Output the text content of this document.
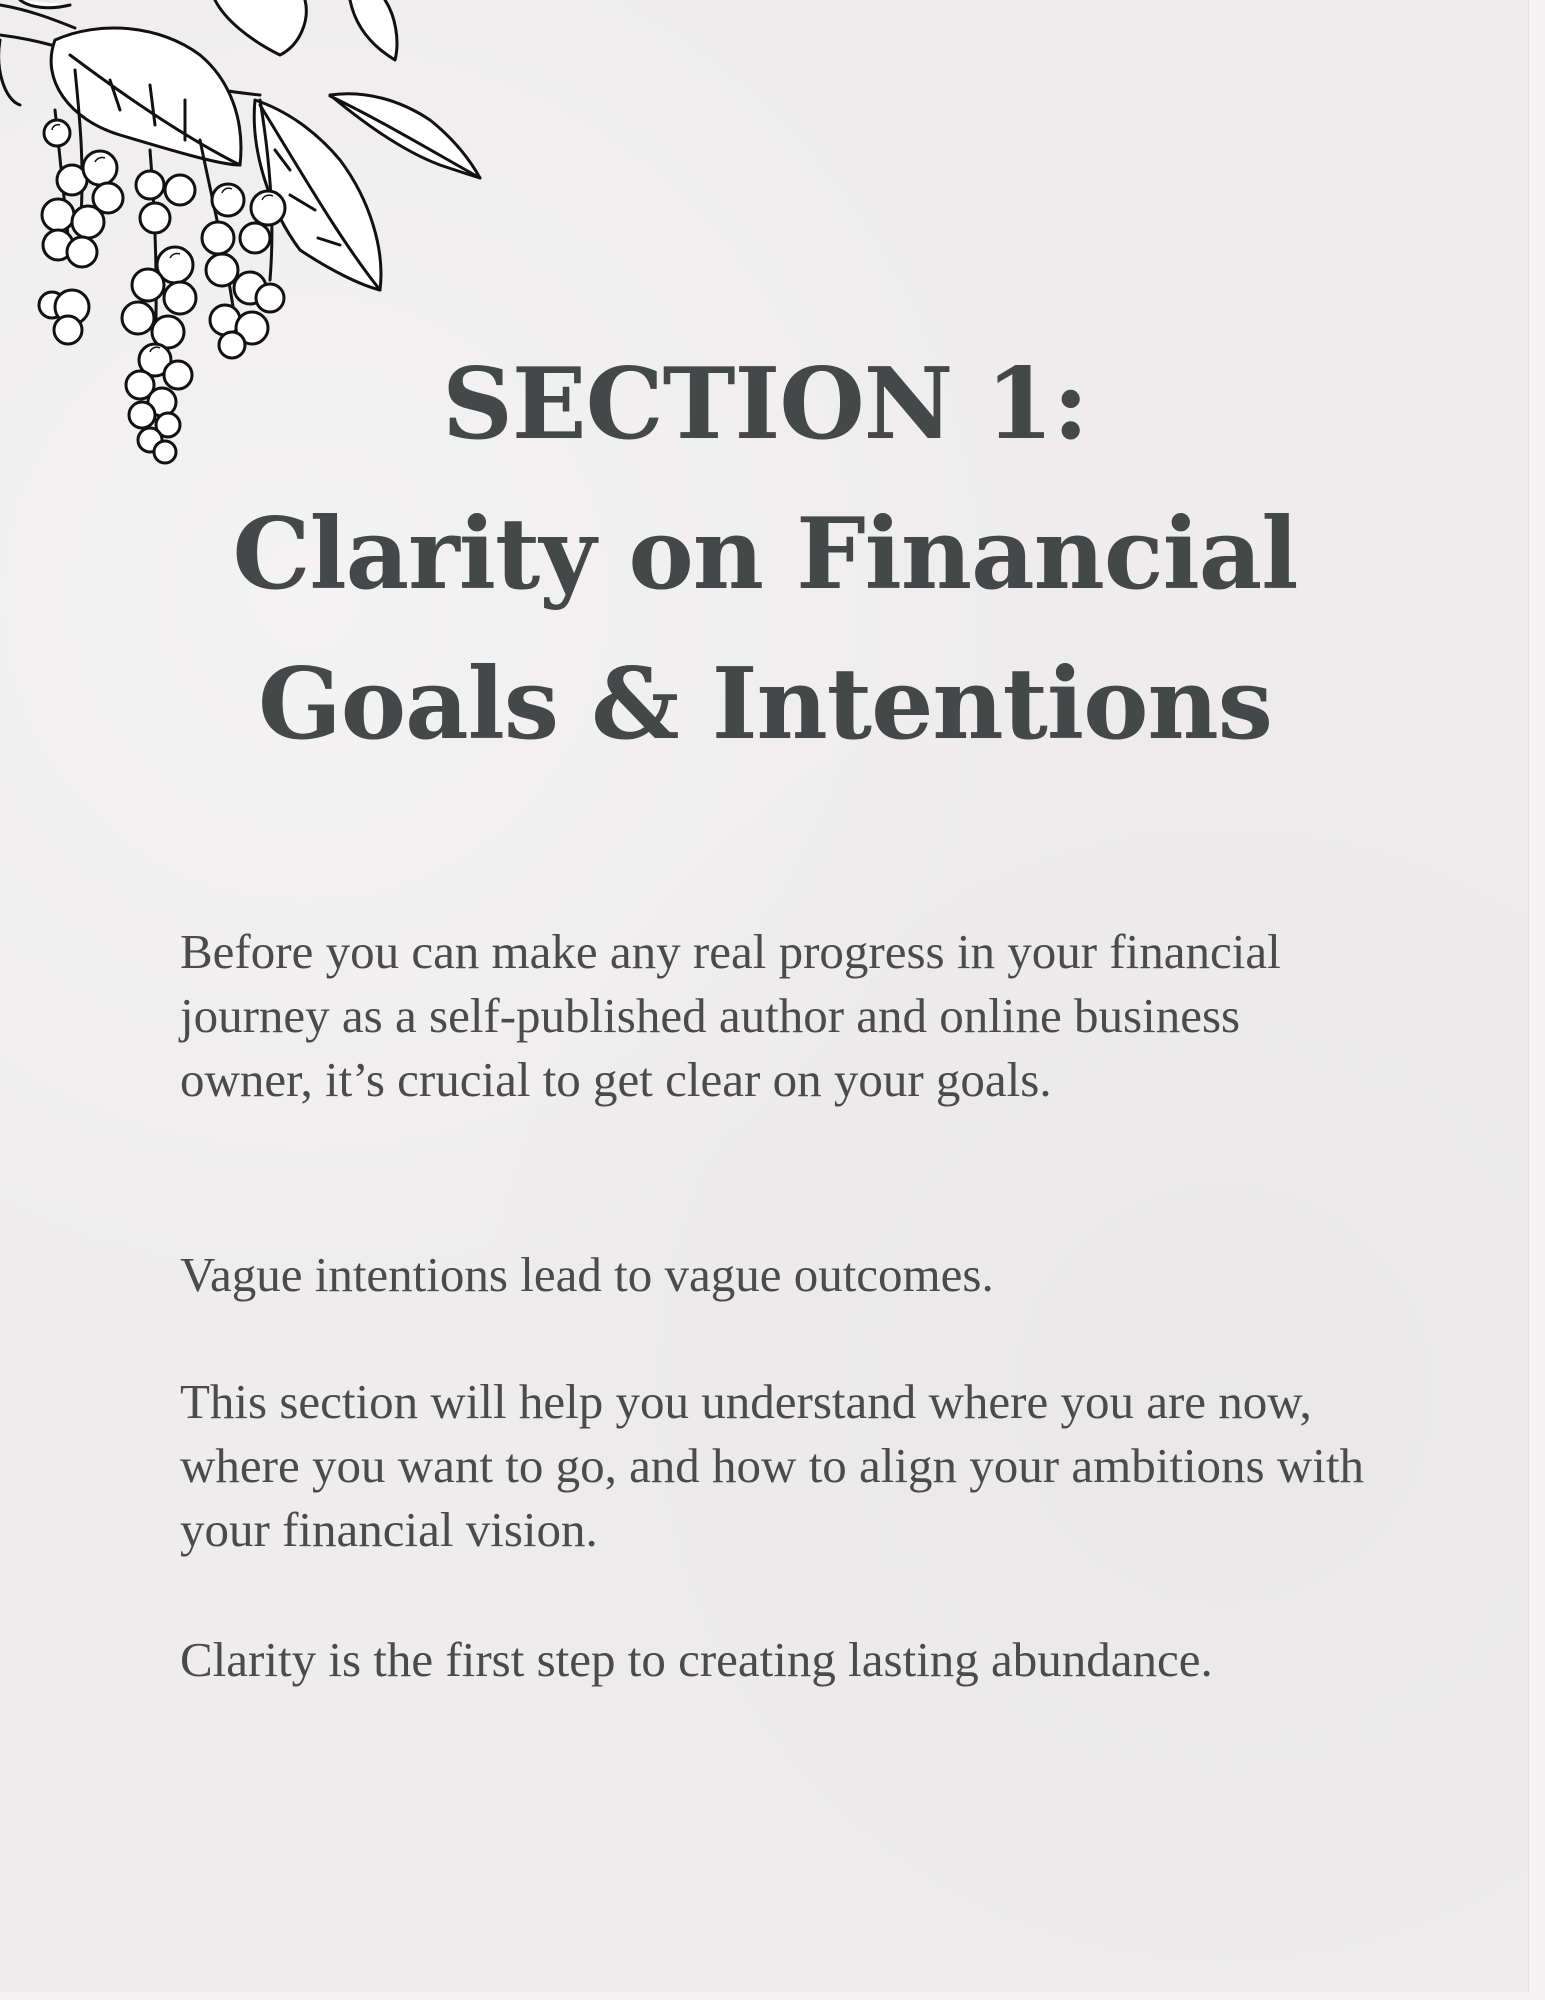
SECTION 1:
Clarity on Financial
Goals & Intentions

Before you can make any real progress in your financial journey as a self-published author and online business owner, it’s crucial to get clear on your goals.

Vague intentions lead to vague outcomes.

This section will help you understand where you are now, where you want to go, and how to align your ambitions with your financial vision.

Clarity is the first step to creating lasting abundance.
